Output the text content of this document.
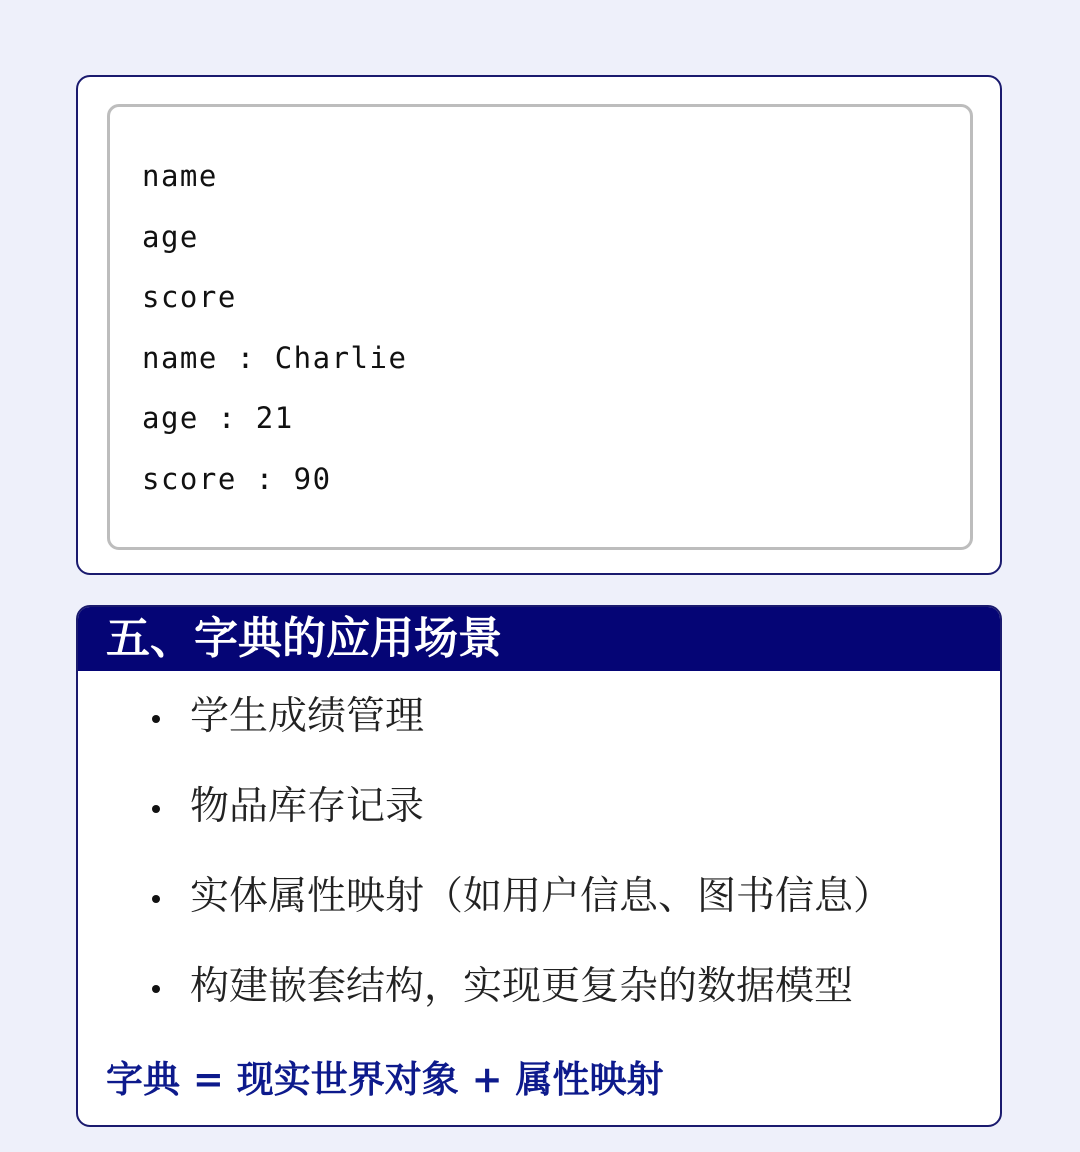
name
age
score
name : Charlie
age : 21
score : 90
五、字典的应用场景
学生成绩管理
物品库存记录
实体属性映射（如用户信息、图书信息）
构建嵌套结构，实现更复杂的数据模型
字典 = 现实世界对象 + 属性映射
